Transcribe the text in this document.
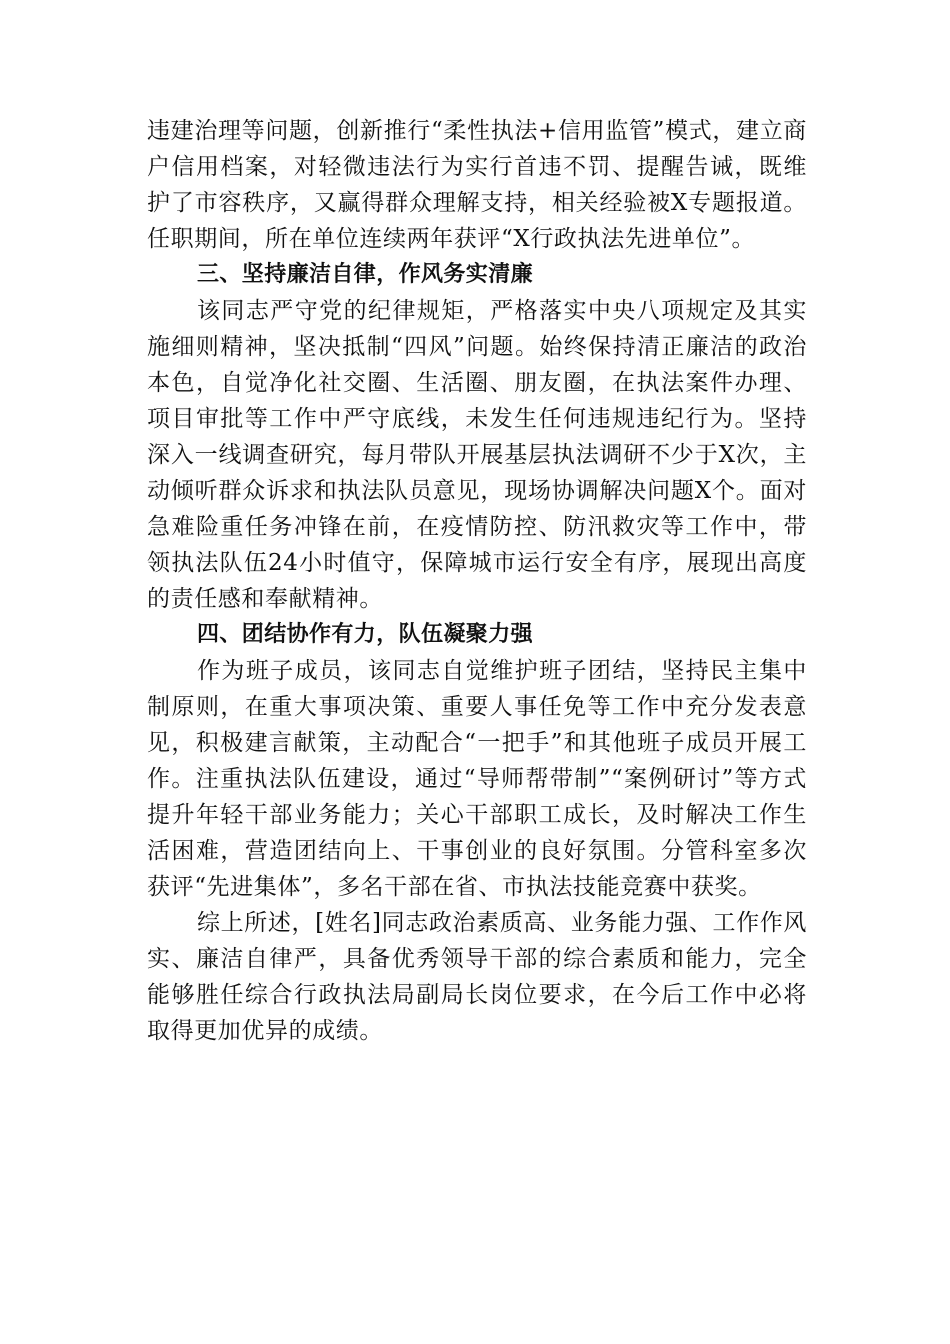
违建治理等问题，创新推行“柔性执法+信用监管”模式，建立商户信用档案，对轻微违法行为实行首违不罚、提醒告诫，既维护了市容秩序，又赢得群众理解支持，相关经验被X专题报道。任职期间，所在单位连续两年获评“X行政执法先进单位”。

三、坚持廉洁自律，作风务实清廉

该同志严守党的纪律规矩，严格落实中央八项规定及其实施细则精神，坚决抵制“四风”问题。始终保持清正廉洁的政治本色，自觉净化社交圈、生活圈、朋友圈，在执法案件办理、项目审批等工作中严守底线，未发生任何违规违纪行为。坚持深入一线调查研究，每月带队开展基层执法调研不少于X次，主动倾听群众诉求和执法队员意见，现场协调解决问题X个。面对急难险重任务冲锋在前，在疫情防控、防汛救灾等工作中，带领执法队伍24小时值守，保障城市运行安全有序，展现出高度的责任感和奉献精神。

四、团结协作有力，队伍凝聚力强

作为班子成员，该同志自觉维护班子团结，坚持民主集中制原则，在重大事项决策、重要人事任免等工作中充分发表意见，积极建言献策，主动配合“一把手”和其他班子成员开展工作。注重执法队伍建设，通过“导师帮带制”“案例研讨”等方式提升年轻干部业务能力；关心干部职工成长，及时解决工作生活困难，营造团结向上、干事创业的良好氛围。分管科室多次获评“先进集体”，多名干部在省、市执法技能竞赛中获奖。

综上所述，[姓名]同志政治素质高、业务能力强、工作作风实、廉洁自律严，具备优秀领导干部的综合素质和能力，完全能够胜任综合行政执法局副局长岗位要求，在今后工作中必将取得更加优异的成绩。
